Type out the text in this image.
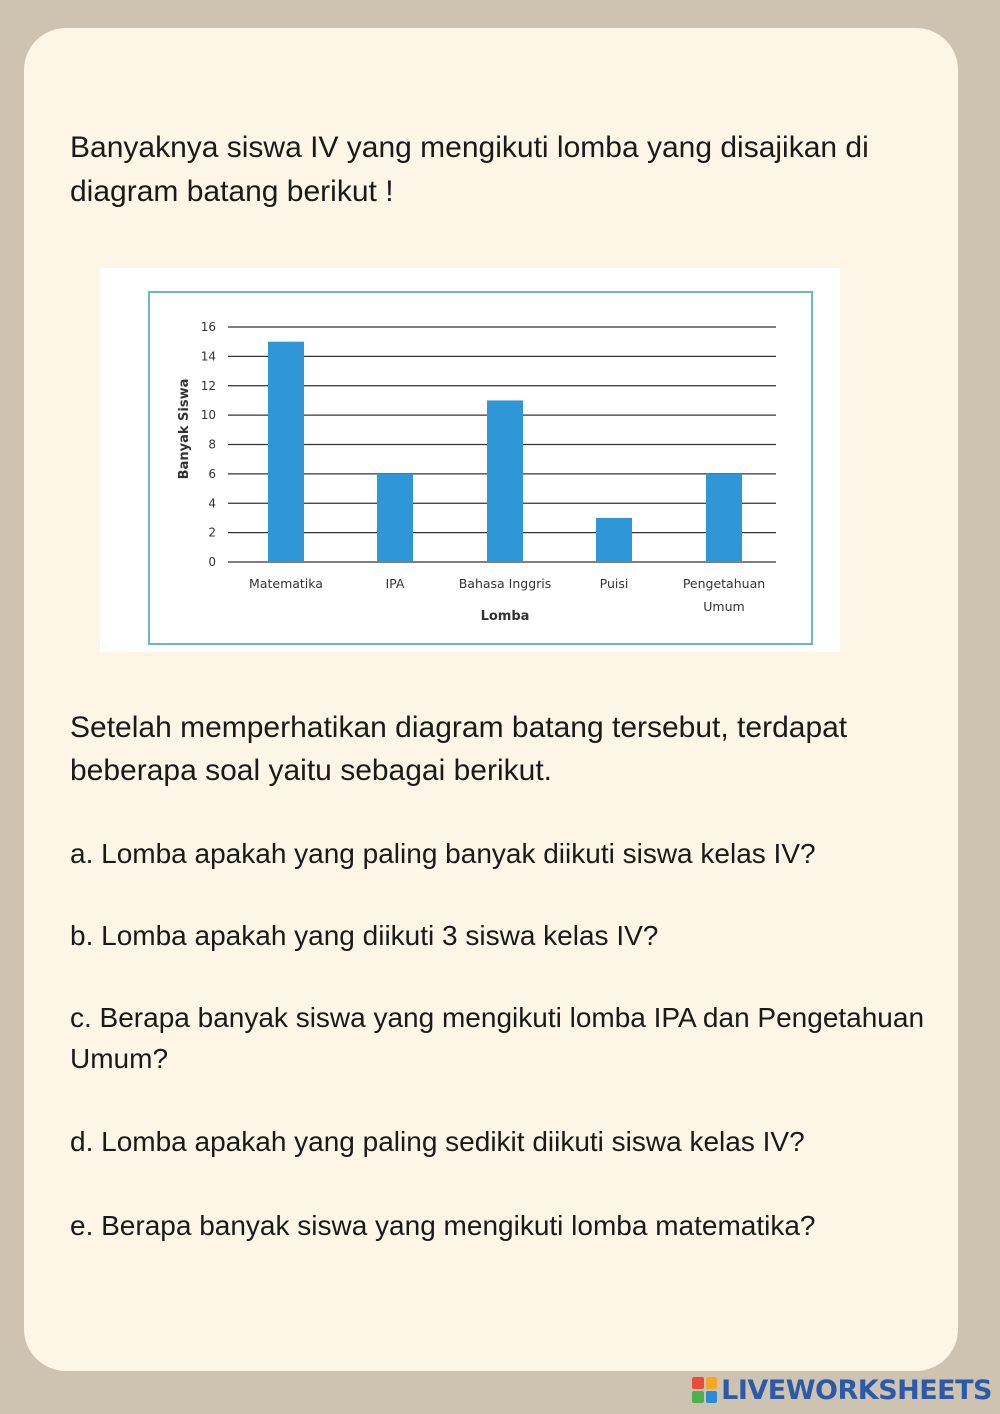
Banyaknya siswa IV yang mengikuti lomba yang disajikan di diagram batang berikut !

0
2
4
6
8
10
12
14
16
Matematika	IPA	Bahasa Inggris	Puisi	Pengetahuan Umum
Banyak Siswa
Lomba

Setelah memperhatikan diagram batang tersebut, terdapat beberapa soal yaitu sebagai berikut.

a. Lomba apakah yang paling banyak diikuti siswa kelas IV?

b. Lomba apakah yang diikuti 3 siswa kelas IV?

c. Berapa banyak siswa yang mengikuti lomba IPA dan Pengetahuan Umum?

d. Lomba apakah yang paling sedikit diikuti siswa kelas IV?

e. Berapa banyak siswa yang mengikuti lomba matematika?

LIVEWORKSHEETS
